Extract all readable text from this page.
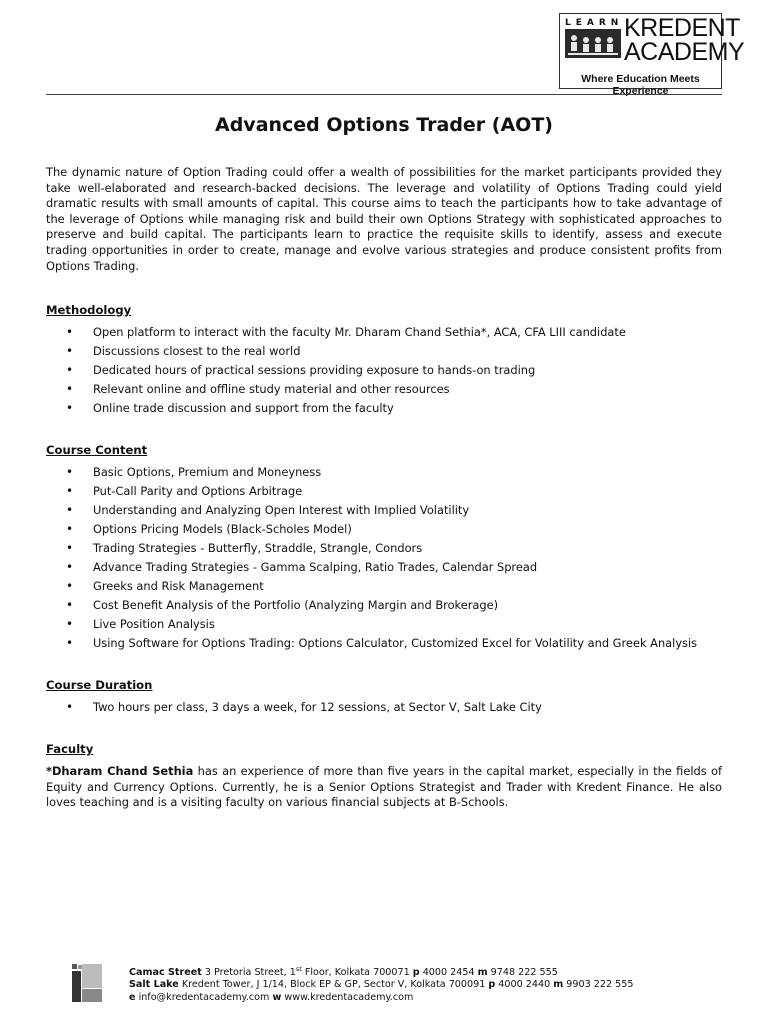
LEARN KREDENT
ACADEMY
Where Education Meets Experience
Advanced Options Trader (AOT)

The dynamic nature of Option Trading could offer a wealth of possibilities for the market participants provided they take well-elaborated and research-backed decisions. The leverage and volatility of Options Trading could yield dramatic results with small amounts of capital. This course aims to teach the participants how to take advantage of the leverage of Options while managing risk and build their own Options Strategy with sophisticated approaches to preserve and build capital. The participants learn to practice the requisite skills to identify, assess and execute trading opportunities in order to create, manage and evolve various strategies and produce consistent profits from Options Trading.

Methodology
• Open platform to interact with the faculty Mr. Dharam Chand Sethia*, ACA, CFA LIII candidate
• Discussions closest to the real world
• Dedicated hours of practical sessions providing exposure to hands-on trading
• Relevant online and offline study material and other resources
• Online trade discussion and support from the faculty
Course Content
• Basic Options, Premium and Moneyness
• Put-Call Parity and Options Arbitrage
• Understanding and Analyzing Open Interest with Implied Volatility
• Options Pricing Models (Black-Scholes Model)
• Trading Strategies - Butterfly, Straddle, Strangle, Condors
• Advance Trading Strategies - Gamma Scalping, Ratio Trades, Calendar Spread
• Greeks and Risk Management
• Cost Benefit Analysis of the Portfolio (Analyzing Margin and Brokerage)
• Live Position Analysis
• Using Software for Options Trading: Options Calculator, Customized Excel for Volatility and Greek Analysis
Course Duration
• Two hours per class, 3 days a week, for 12 sessions, at Sector V, Salt Lake City
Faculty

*Dharam Chand Sethia has an experience of more than five years in the capital market, especially in the fields of Equity and Currency Options. Currently, he is a Senior Options Strategist and Trader with Kredent Finance. He also loves teaching and is a visiting faculty on various financial subjects at B-Schools.

Camac Street 3 Pretoria Street, 1st Floor, Kolkata 700071 p 4000 2454 m 9748 222 555
Salt Lake Kredent Tower, J 1/14, Block EP & GP, Sector V, Kolkata 700091 p 4000 2440 m 9903 222 555
e info@kredentacademy.com w www.kredentacademy.com
